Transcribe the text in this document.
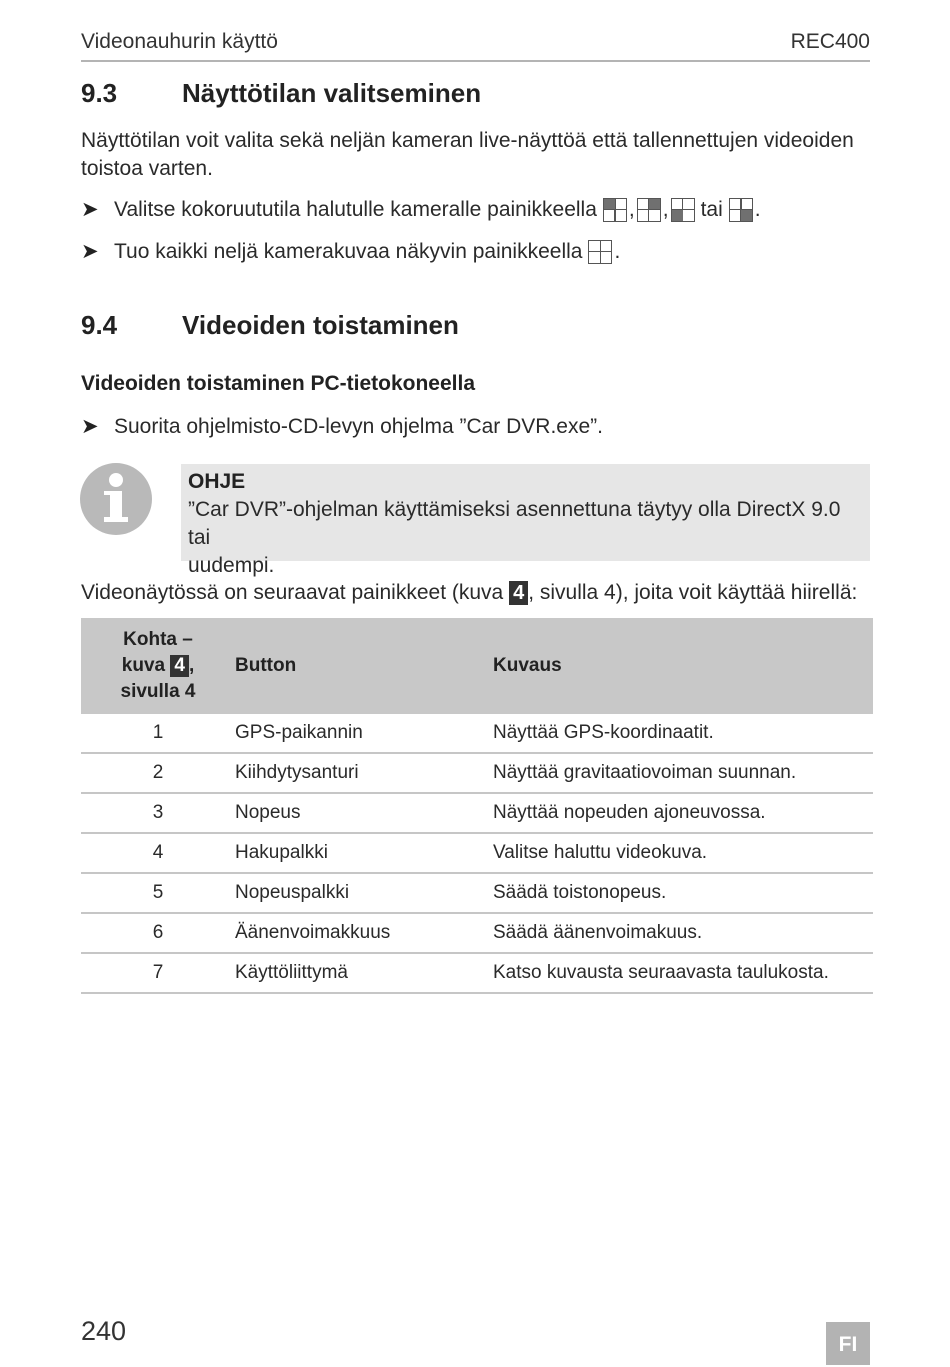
Videonauhurin käyttö	REC400
9.3 Näyttötilan valitseminen
Näyttötilan voit valita sekä neljän kameran live-näyttöä että tallennettujen videoiden
toistoa varten.
➤ Valitse kokoruututila halutulle kameralle painikkeella , , tai .
➤ Tuo kaikki neljä kamerakuvaa näkyvin painikkeella .
9.4 Videoiden toistaminen
Videoiden toistaminen PC-tietokoneella
➤ Suorita ohjelmisto-CD-levyn ohjelma ”Car DVR.exe”.
OHJE
”Car DVR”-ohjelman käyttämiseksi asennettuna täytyy olla DirectX 9.0 tai
uudempi.
Videonäytössä on seuraavat painikkeet (kuva 4 , sivulla 4), joita voit käyttää hiirellä:
Kohta –
kuva 4 ,
sivulla 4	Button	Kuvaus
1	GPS-paikannin	Näyttää GPS-koordinaatit.
2	Kiihdytysanturi	Näyttää gravitaatiovoiman suunnan.
3	Nopeus	Näyttää nopeuden ajoneuvossa.
4	Hakupalkki	Valitse haluttu videokuva.
5	Nopeuspalkki	Säädä toistonopeus.
6	Äänenvoimakkuus	Säädä äänenvoimakuus.
7	Käyttöliittymä	Katso kuvausta seuraavasta taulukosta.
240	FI
